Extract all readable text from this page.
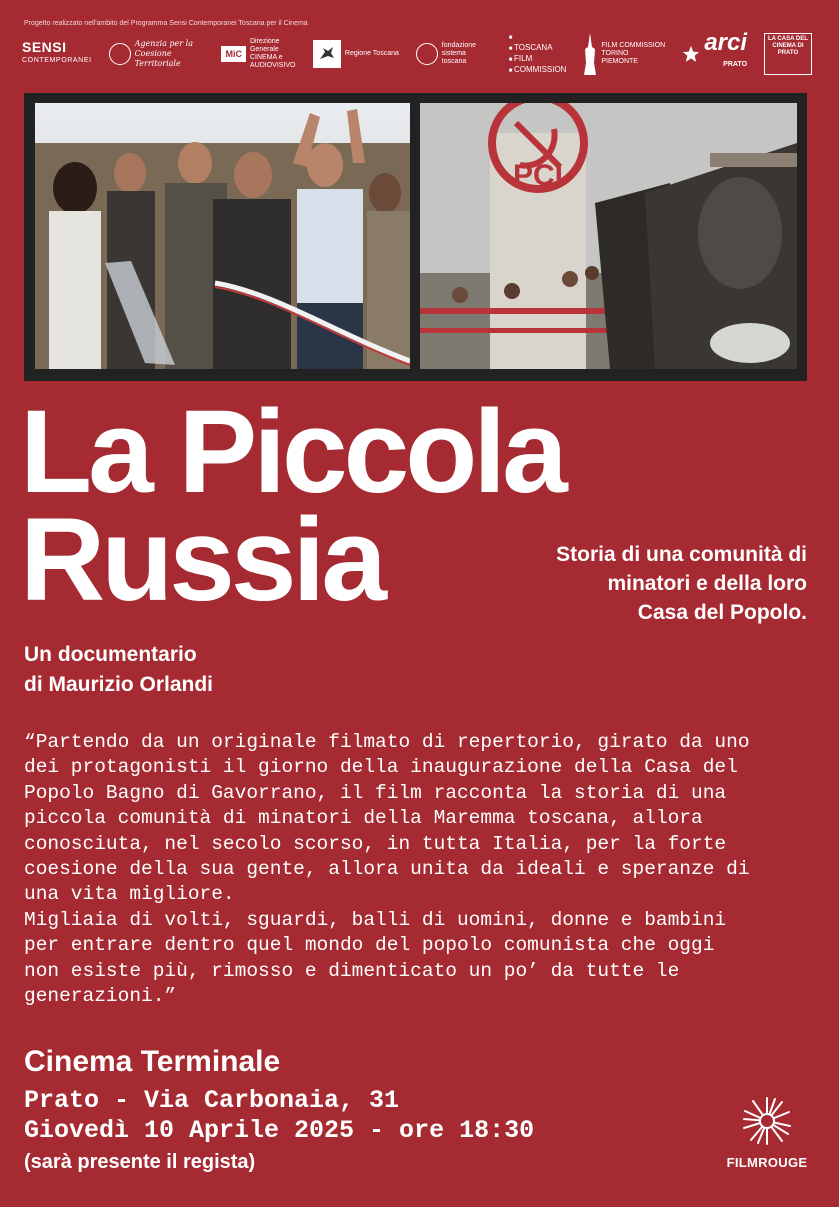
Progetto realizzato nell'ambito del Programma Sensi Contemporanei Toscana per il Cinema
SENSI
CONTEMPORANEI
Agenzia per la Coesione Territoriale
MiC
Direzione Generale CINEMA e AUDIOVISIVO
Regione Toscana
fondazione sistema toscana
■ ■ TOSCANA
■ FILM
■ COMMISSION
FILM COMMISSION TORINO PIEMONTE
arci
PRATO
LA CASA DEL CINEMA DI PRATO
PCI
La Piccola
Russia	Storia di una comunità di
minatori e della loro
Casa del Popolo.
Un documentario
di Maurizio Orlandi
“Partendo da un originale filmato di repertorio, girato da uno
dei protagonisti il giorno della inaugurazione della Casa del
Popolo Bagno di Gavorrano, il film racconta la storia di una
piccola comunità di minatori della Maremma toscana, allora
conosciuta, nel secolo scorso, in tutta Italia, per la forte
coesione della sua gente, allora unita da ideali e speranze di
una vita migliore.
Migliaia di volti, sguardi, balli di uomini, donne e bambini
per entrare dentro quel mondo del popolo comunista che oggi
non esiste più, rimosso e dimenticato un po’ da tutte le
generazioni.”
Cinema Terminale
Prato - Via Carbonaia, 31
Giovedì 10 Aprile 2025 - ore 18:30
(sarà presente il regista)	FILMROUGE
